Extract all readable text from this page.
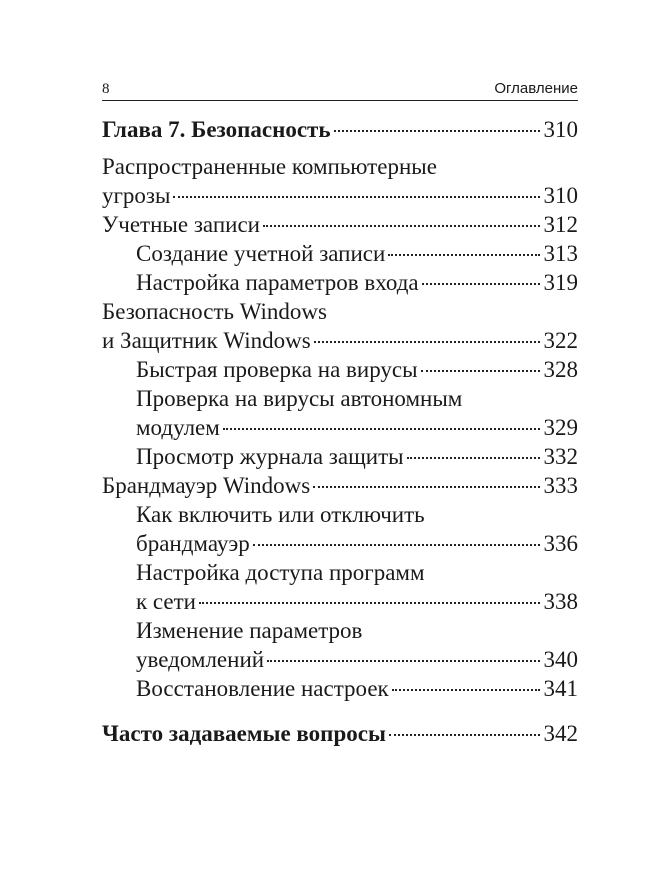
8	Оглавление
Глава 7. Безопасность	310
Распространенные компьютерные
угрозы	310
Учетные записи	312
Создание учетной записи	313
Настройка параметров входа	319
Безопасность Windows
и Защитник Windows	322
Быстрая проверка на вирусы	328
Проверка на вирусы автономным
модулем	329
Просмотр журнала защиты	332
Брандмауэр Windows	333
Как включить или отключить
брандмауэр	336
Настройка доступа программ
к сети	338
Изменение параметров
уведомлений	340
Восстановление настроек	341
Часто задаваемые вопросы	342
